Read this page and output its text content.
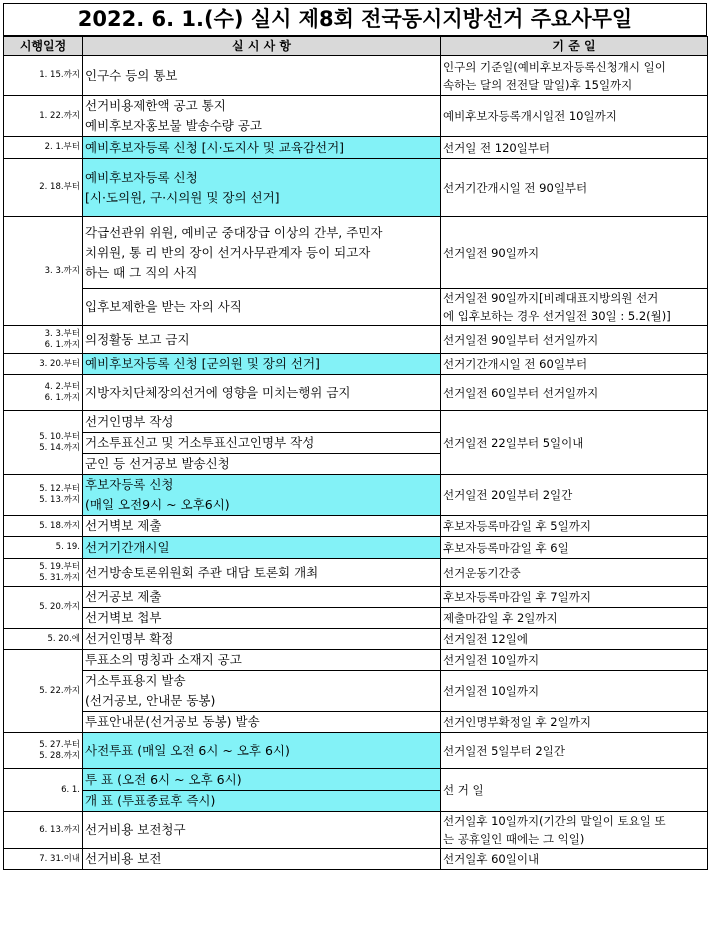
2022. 6. 1.(수) 실시 제8회 전국동시지방선거 주요사무일
시행일정	실 시 사 항	기 준 일

1. 15.까지	인구수 등의 통보	인구의 기준일(예비후보자등록신청개시 일이
속하는 달의 전전달 말일)후 15일까지

1. 22.까지	선거비용제한액 공고 통지
예비후보자홍보물 발송수량 공고	예비후보자등록개시일전 10일까지

2. 1.부터	예비후보자등록 신청 [시·도지사 및 교육감선거]	선거일 전 120일부터

2. 18.부터	예비후보자등록 신청
[시·도의원, 구·시의원 및 장의 선거]	선거기간개시일 전 90일부터

3. 3.까지	각급선관위 위원, 예비군 중대장급 이상의 간부, 주민자
치위원, 통 리 반의 장이 선거사무관계자 등이 되고자
하는 때 그 직의 사직	선거일전 90일까지

	입후보제한을 받는 자의 사직	선거일전 90일까지[비례대표지방의원 선거
에 입후보하는 경우 선거일전 30일 : 5.2(월)]

3. 3.부터
6. 1.까지	의정활동 보고 금지	선거일전 90일부터 선거일까지

3. 20.부터	예비후보자등록 신청 [군의원 및 장의 선거]	선거기간개시일 전 60일부터

4. 2.부터
6. 1.까지	지방자치단체장의선거에 영향을 미치는행위 금지	선거일전 60일부터 선거일까지

5. 10.부터
5. 14.까지	선거인명부 작성	선거일전 22일부터 5일이내

	거소투표신고 및 거소투표신고인명부 작성	

	군인 등 선거공보 발송신청	

5. 12.부터
5. 13.까지	후보자등록 신청
(매일 오전9시 ~ 오후6시)	선거일전 20일부터 2일간

5. 18.까지	선거벽보 제출	후보자등록마감일 후 5일까지

5. 19.	선거기간개시일	후보자등록마감일 후 6일

5. 19.부터
5. 31.까지	선거방송토론위원회 주관 대담 토론회 개최	선거운동기간중

5. 20.까지	선거공보 제출	후보자등록마감일 후 7일까지

	선거벽보 첩부	제출마감일 후 2일까지

5. 20.에	선거인명부 확정	선거일전 12일에

5. 22.까지	투표소의 명칭과 소재지 공고	선거일전 10일까지

	거소투표용지 발송
(선거공보, 안내문 동봉)	선거일전 10일까지

	투표안내문(선거공보 동봉) 발송	선거인명부확정일 후 2일까지

5. 27.부터
5. 28.까지	사전투표 (매일 오전 6시 ~ 오후 6시)	선거일전 5일부터 2일간

6. 1.	투 표 (오전 6시 ~ 오후 6시)	선 거 일

	개 표 (투표종료후 즉시)	

6. 13.까지	선거비용 보전청구	선거일후 10일까지(기간의 말일이 토요일 또
는 공휴일인 때에는 그 익일)

7. 31.이내	선거비용 보전	선거일후 60일이내
